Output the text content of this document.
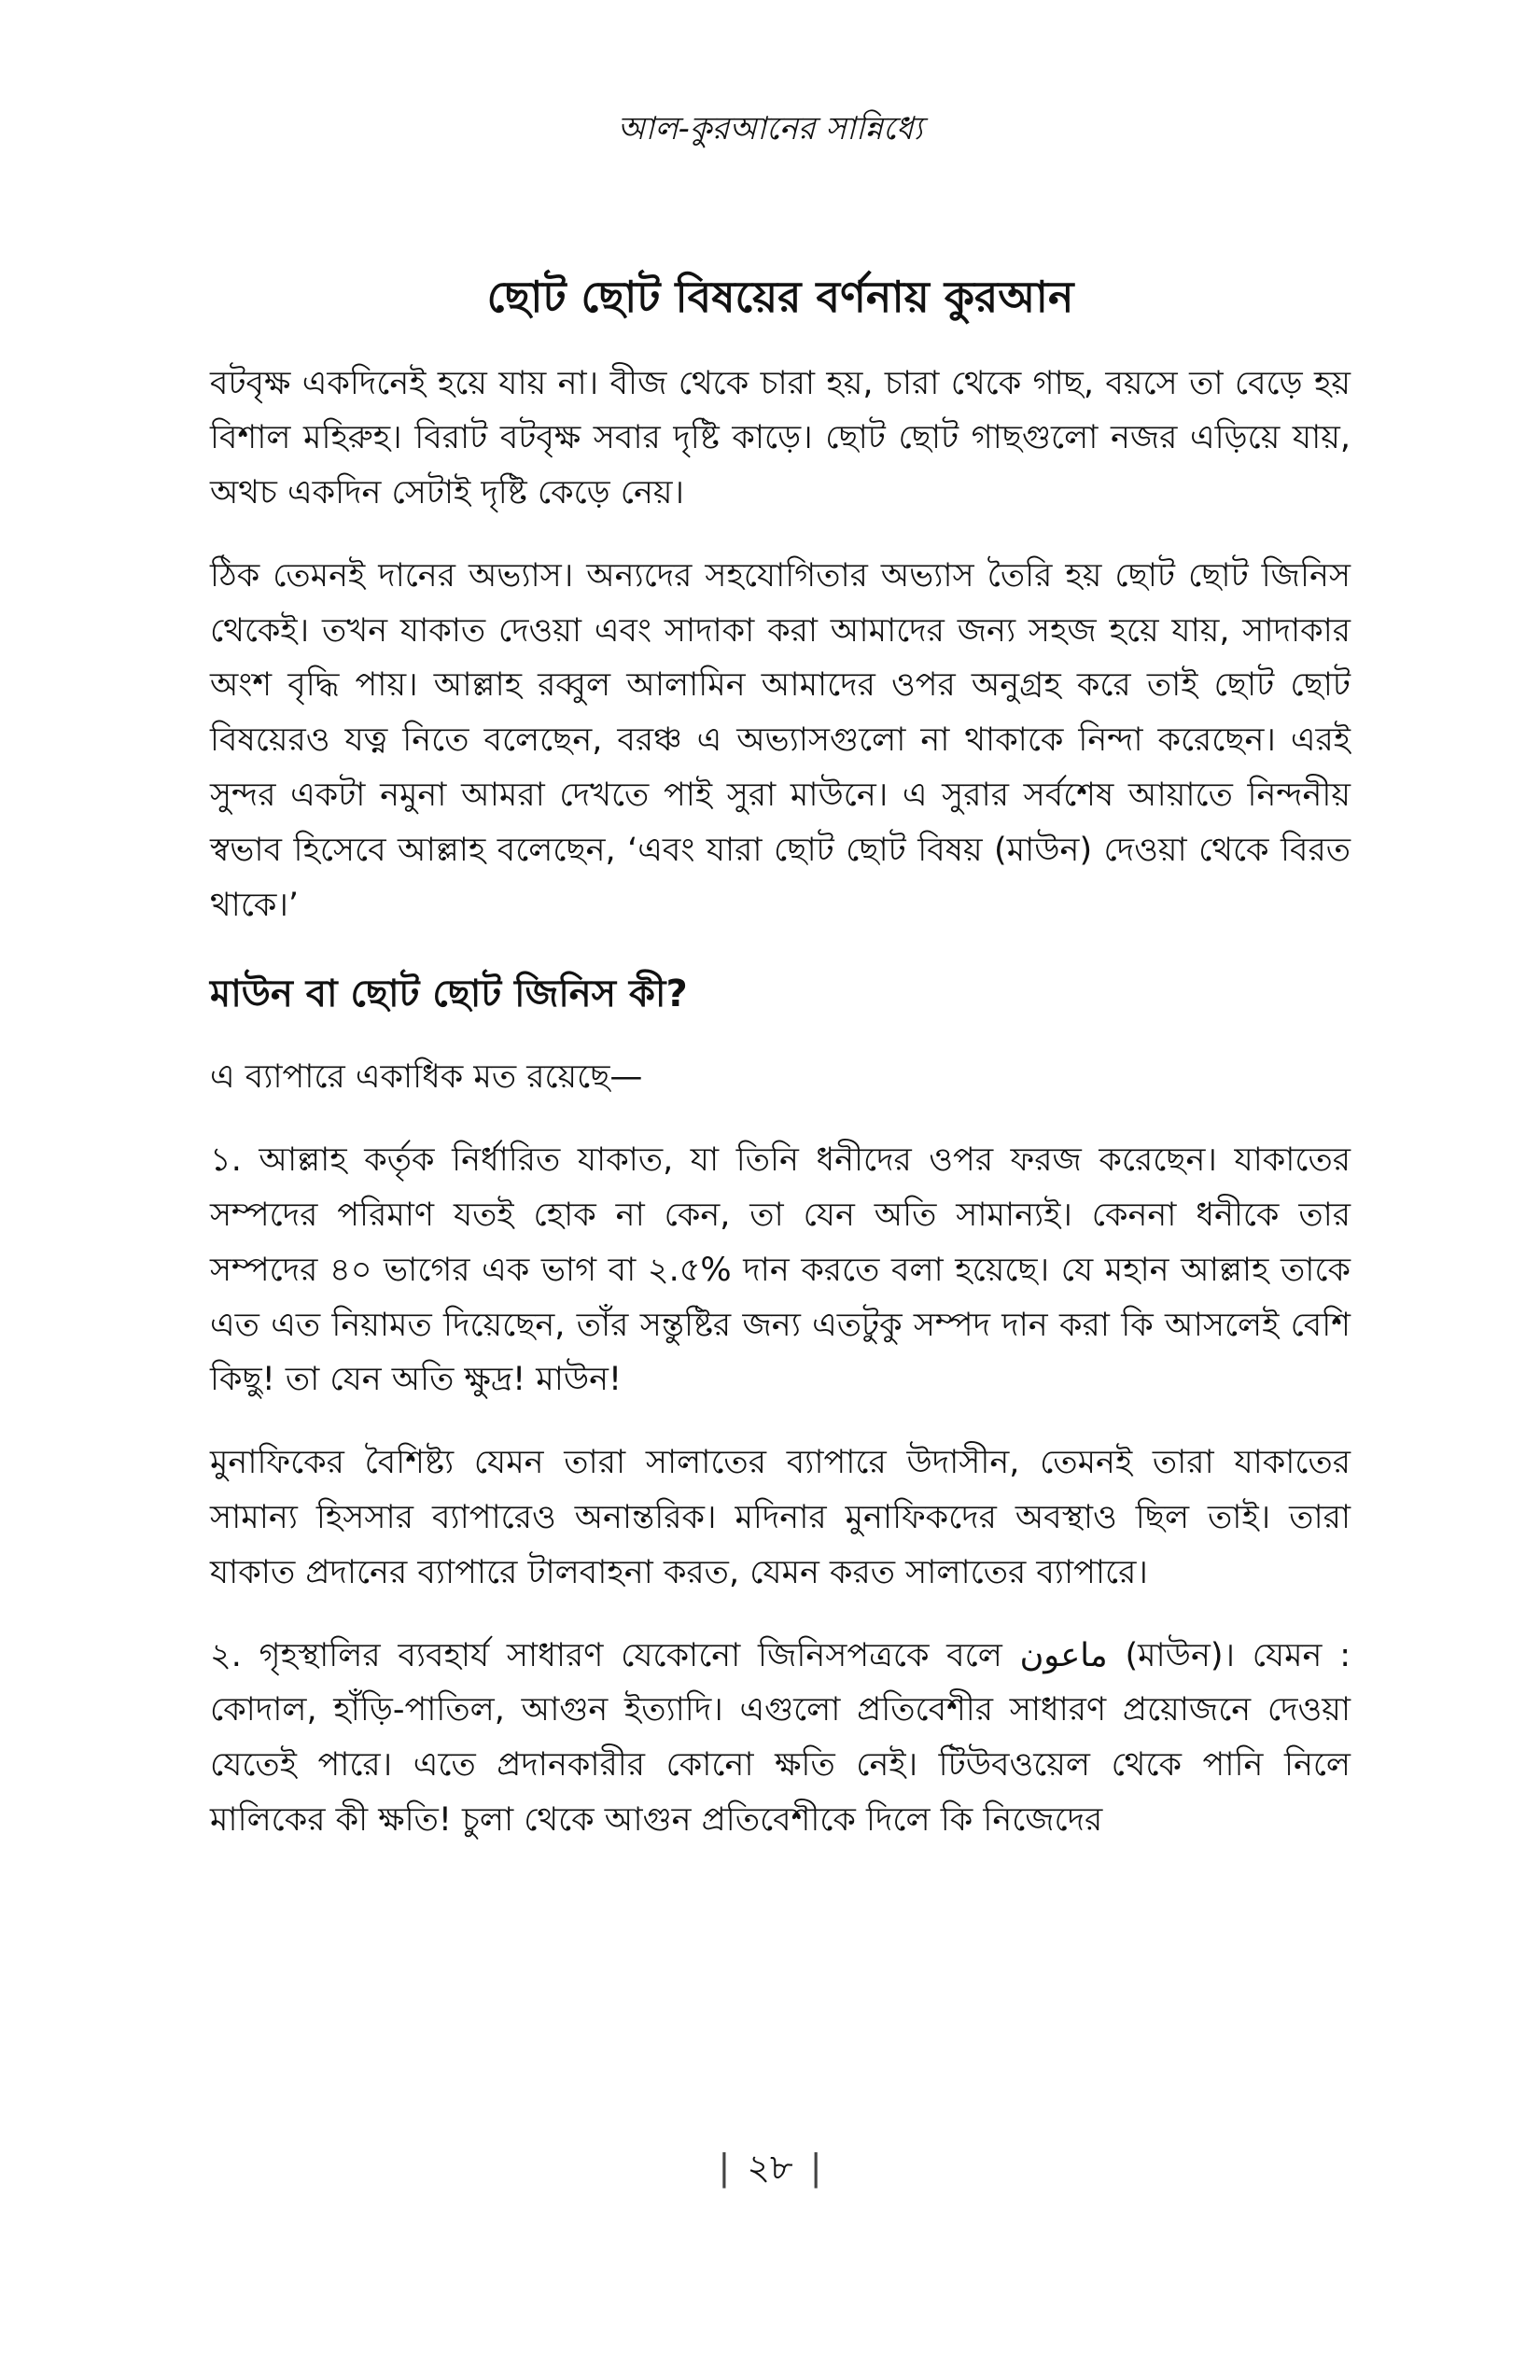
আল-কুরআনের সান্নিধ্যে
ছোট ছোট বিষয়ের বর্ণনায় কুরআন

বটবৃক্ষ একদিনেই হয়ে যায় না। বীজ থেকে চারা হয়, চারা থেকে গাছ, বয়সে তা বেড়ে হয় বিশাল মহিরুহ। বিরাট বটবৃক্ষ সবার দৃষ্টি কাড়ে। ছোট ছোট গাছগুলো নজর এড়িয়ে যায়, অথচ একদিন সেটাই দৃষ্টি কেড়ে নেয়।

ঠিক তেমনই দানের অভ্যাস। অন্যদের সহযোগিতার অভ্যাস তৈরি হয় ছোট ছোট জিনিস থেকেই। তখন যাকাত দেওয়া এবং সাদাকা করা আমাদের জন্য সহজ হয়ে যায়, সাদাকার অংশ বৃদ্ধি পায়। আল্লাহ রব্বুল আলামিন আমাদের ওপর অনুগ্রহ করে তাই ছোট ছোট বিষয়েরও যত্ন নিতে বলেছেন, বরঞ্চ এ অভ্যাসগুলো না থাকাকে নিন্দা করেছেন। এরই সুন্দর একটা নমুনা আমরা দেখতে পাই সুরা মাউনে। এ সুরার সর্বশেষ আয়াতে নিন্দনীয় স্বভাব হিসেবে আল্লাহ বলেছেন, ‘এবং যারা ছোট ছোট বিষয় (মাউন) দেওয়া থেকে বিরত থাকে।’

মাউন বা ছোট ছোট জিনিস কী?

এ ব্যাপারে একাধিক মত রয়েছে—

১. আল্লাহ কর্তৃক নির্ধারিত যাকাত, যা তিনি ধনীদের ওপর ফরজ করেছেন। যাকাতের সম্পদের পরিমাণ যতই হোক না কেন, তা যেন অতি সামান্যই। কেননা ধনীকে তার সম্পদের ৪০ ভাগের এক ভাগ বা ২.৫% দান করতে বলা হয়েছে। যে মহান আল্লাহ তাকে এত এত নিয়ামত দিয়েছেন, তাঁর সন্তুষ্টির জন্য এতটুকু সম্পদ দান করা কি আসলেই বেশি কিছু! তা যেন অতি ক্ষুদ্র! মাউন!

মুনাফিকের বৈশিষ্ট্য যেমন তারা সালাতের ব্যাপারে উদাসীন, তেমনই তারা যাকাতের সামান্য হিসসার ব্যাপারেও অনান্তরিক। মদিনার মুনাফিকদের অবস্থাও ছিল তাই। তারা যাকাত প্রদানের ব্যাপারে টালবাহনা করত, যেমন করত সালাতের ব্যাপারে।

২. গৃহস্থালির ব্যবহার্য সাধারণ যেকোনো জিনিসপত্রকে বলে ماعون (মাউন)। যেমন : কোদাল, হাঁড়ি-পাতিল, আগুন ইত্যাদি। এগুলো প্রতিবেশীর সাধারণ প্রয়োজনে দেওয়া যেতেই পারে। এতে প্রদানকারীর কোনো ক্ষতি নেই। টিউবওয়েল থেকে পানি নিলে মালিকের কী ক্ষতি! চুলা থেকে আগুন প্রতিবেশীকে দিলে কি নিজেদের

| ২৮ |
